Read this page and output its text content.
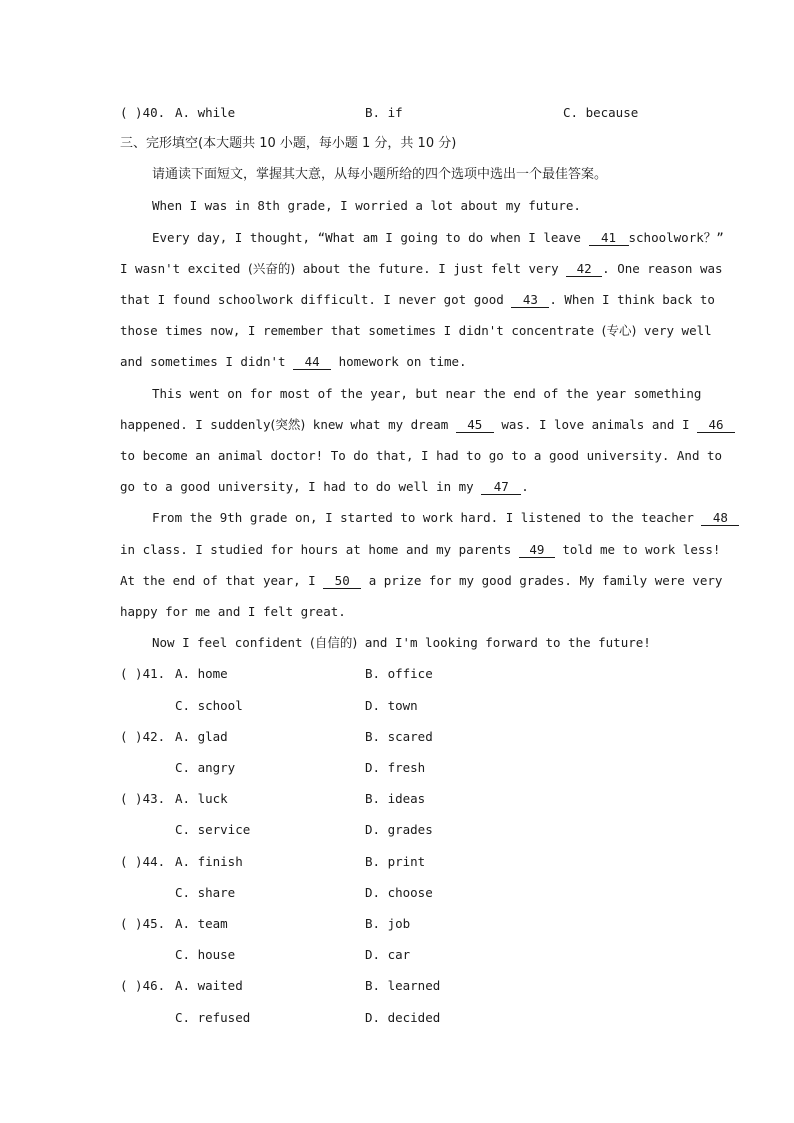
( )40. A. while	B. if	C. because
三、完形填空(本大题共 10 小题，每小题 1 分，共 10 分)
请通读下面短文，掌握其大意，从每小题所给的四个选项中选出一个最佳答案。
When I was in 8th grade, I worried a lot about my future.
Every day, I thought, “What am I going to do when I leave 41 schoolwork？”
I wasn't excited (兴奋的) about the future. I just felt very 42 . One reason was
that I found schoolwork difficult. I never got good 43 . When I think back to
those times now, I remember that sometimes I didn't concentrate (专心) very well
and sometimes I didn't 44 homework on time.
This went on for most of the year, but near the end of the year something
happened. I suddenly(突然) knew what my dream 45 was. I love animals and I 46
to become an animal doctor! To do that, I had to go to a good university. And to
go to a good university, I had to do well in my 47 .
From the 9th grade on, I started to work hard. I listened to the teacher 48
in class. I studied for hours at home and my parents 49 told me to work less!
At the end of that year, I 50 a prize for my good grades. My family were very
happy for me and I felt great.
Now I feel confident (自信的) and I'm looking forward to the future!
( )41. A. home	B. office
C. school	D. town
( )42. A. glad	B. scared
C. angry	D. fresh
( )43. A. luck	B. ideas
C. service	D. grades
( )44. A. finish	B. print
C. share	D. choose
( )45. A. team	B. job
C. house	D. car
( )46. A. waited	B. learned
C. refused	D. decided
